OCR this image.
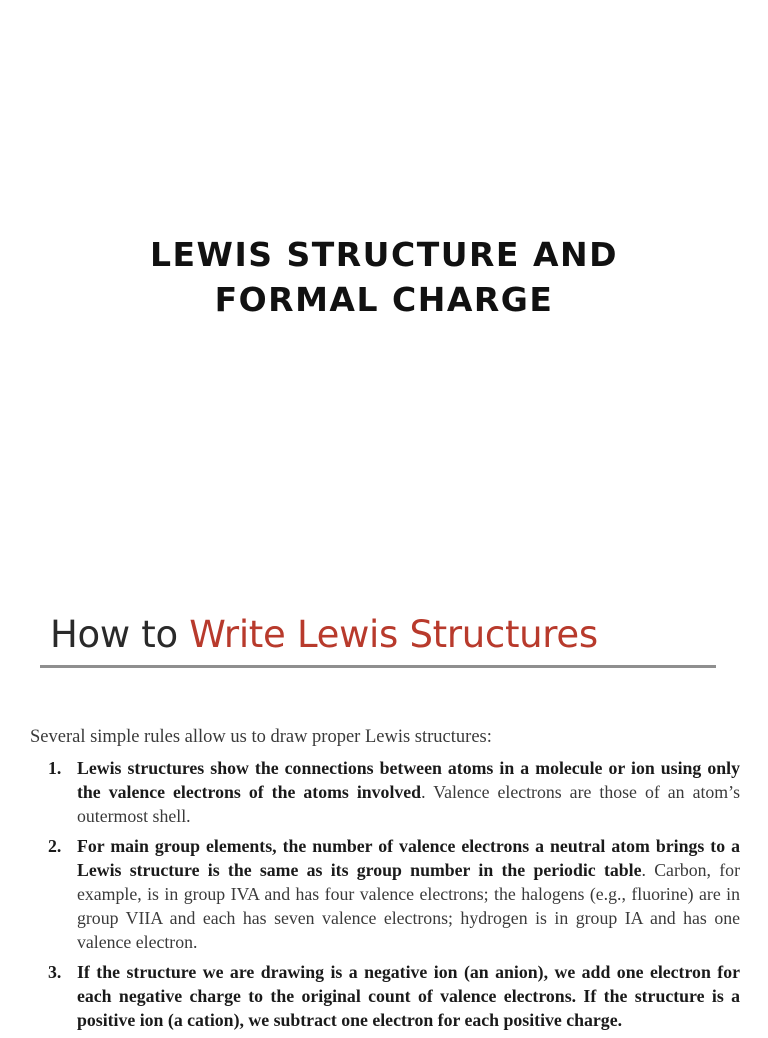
LEWIS STRUCTURE AND
FORMAL CHARGE
How to Write Lewis Structures
Several simple rules allow us to draw proper Lewis structures:
1. Lewis structures show the connections between atoms in a molecule or ion using only the valence electrons of the atoms involved. Valence electrons are those of an atom’s outermost shell.
2. For main group elements, the number of valence electrons a neutral atom brings to a Lewis structure is the same as its group number in the periodic table. Carbon, for example, is in group IVA and has four valence electrons; the halogens (e.g., fluorine) are in group VIIA and each has seven valence electrons; hydrogen is in group IA and has one valence electron.
3. If the structure we are drawing is a negative ion (an anion), we add one electron for each negative charge to the original count of valence electrons. If the structure is a positive ion (a cation), we subtract one electron for each positive charge.
